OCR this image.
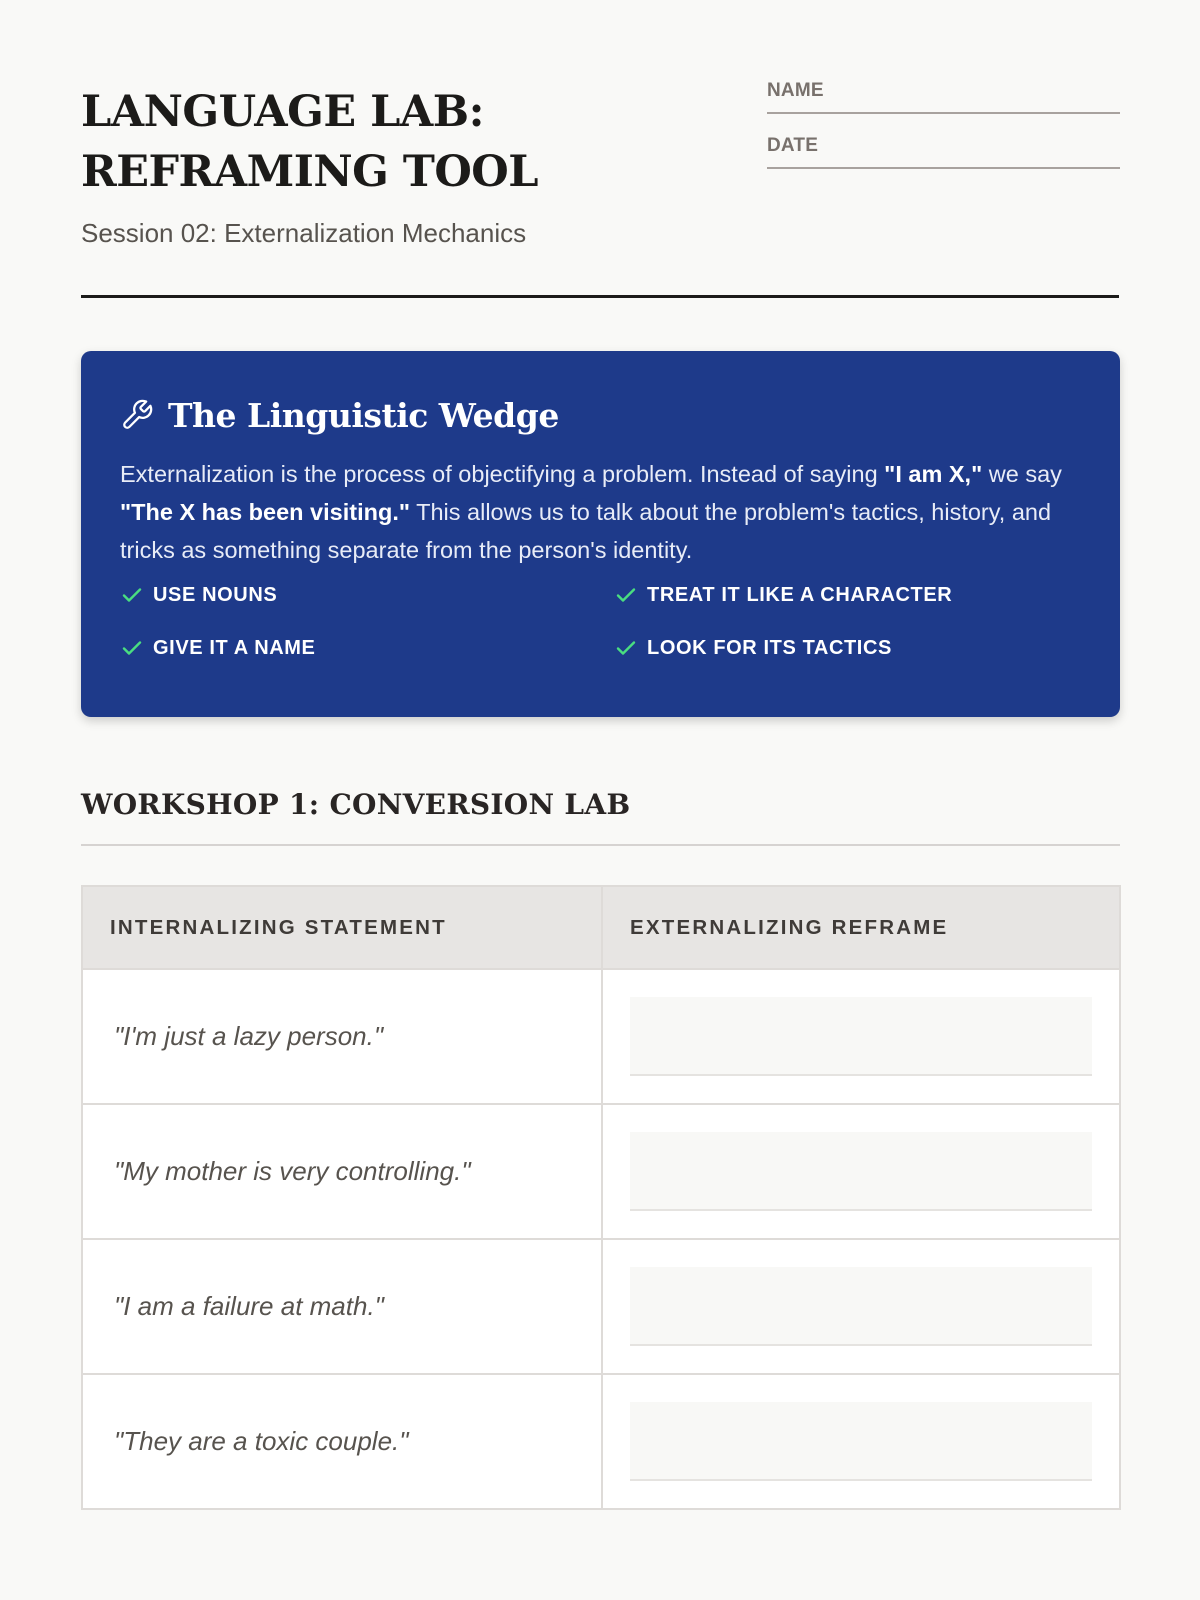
LANGUAGE LAB:
REFRAMING TOOL
Session 02: Externalization Mechanics
NAME
DATE
The Linguistic Wedge

Externalization is the process of objectifying a problem. Instead of saying "I am X," we say "The X has been visiting." This allows us to talk about the problem's tactics, history, and tricks as something separate from the person's identity.

USE NOUNS	TREAT IT LIKE A CHARACTER
GIVE IT A NAME	LOOK FOR ITS TACTICS
WORKSHOP 1: CONVERSION LAB
INTERNALIZING STATEMENT	EXTERNALIZING REFRAME
"I'm just a lazy person."	

"My mother is very controlling."	

"I am a failure at math."	

"They are a toxic couple."	
